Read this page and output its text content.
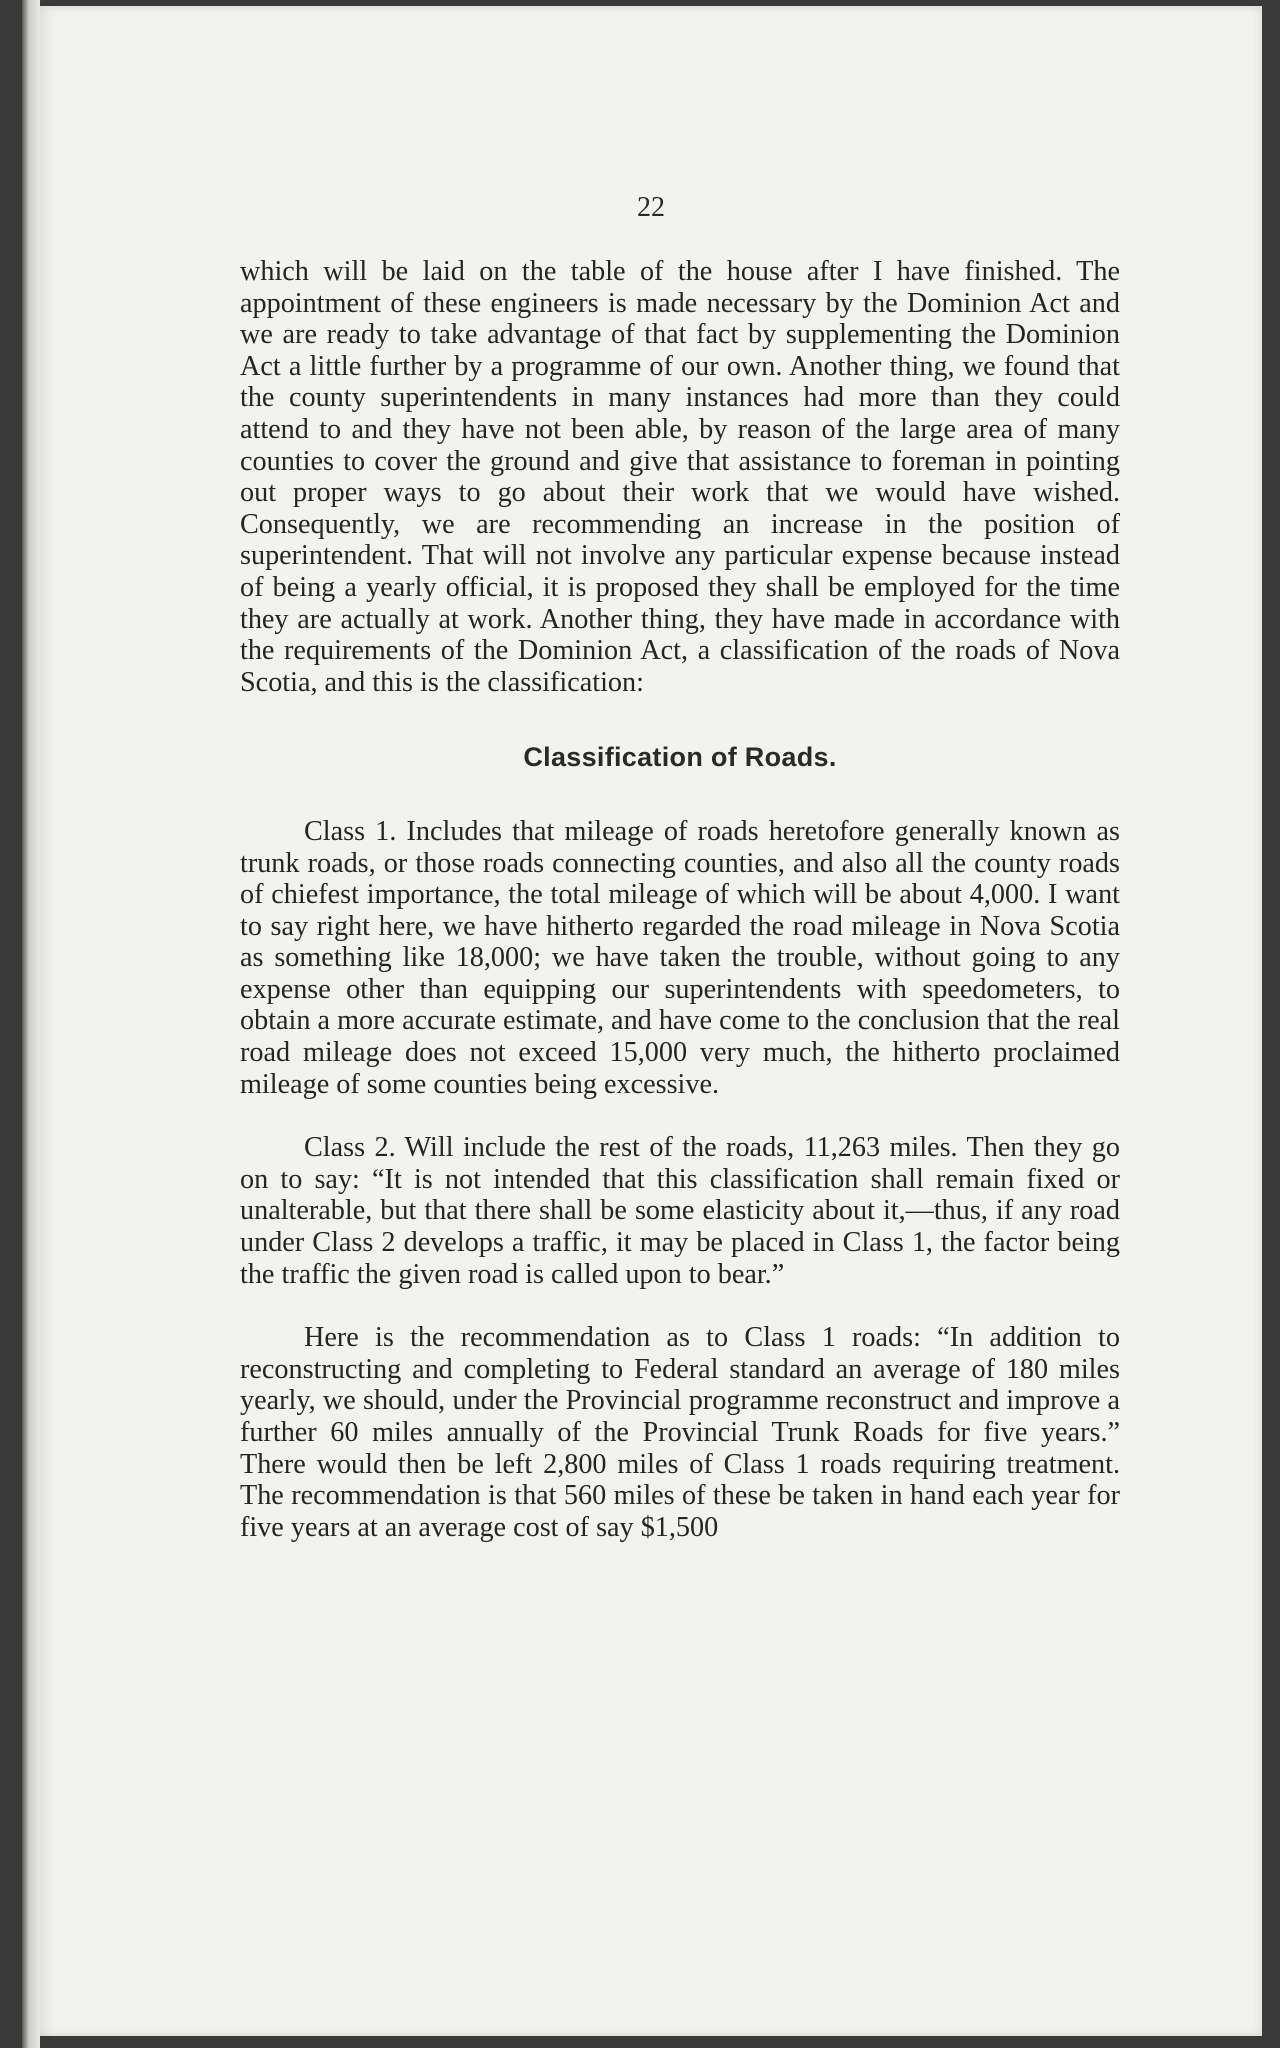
22

which will be laid on the table of the house after I have finished. The appointment of these engineers is made necessary by the Dominion Act and we are ready to take advantage of that fact by supplementing the Dominion Act a little further by a programme of our own. Another thing, we found that the county superintendents in many instances had more than they could attend to and they have not been able, by reason of the large area of many counties to cover the ground and give that assistance to foreman in pointing out proper ways to go about their work that we would have wished. Consequently, we are recommending an increase in the position of superintendent. That will not involve any particular expense because instead of being a yearly official, it is proposed they shall be employed for the time they are actually at work. Another thing, they have made in accordance with the requirements of the Dominion Act, a classification of the roads of Nova Scotia, and this is the classification:

Classification of Roads.

Class 1. Includes that mileage of roads heretofore generally known as trunk roads, or those roads connecting counties, and also all the county roads of chiefest importance, the total mileage of which will be about 4,000. I want to say right here, we have hitherto regarded the road mileage in Nova Scotia as something like 18,000; we have taken the trouble, without going to any expense other than equipping our superintendents with speedometers, to obtain a more accurate estimate, and have come to the conclusion that the real road mileage does not exceed 15,000 very much, the hitherto proclaimed mileage of some counties being excessive.

Class 2. Will include the rest of the roads, 11,263 miles. Then they go on to say: “It is not intended that this classification shall remain fixed or unalterable, but that there shall be some elasticity about it,—thus, if any road under Class 2 develops a traffic, it may be placed in Class 1, the factor being the traffic the given road is called upon to bear.”

Here is the recommendation as to Class 1 roads: “In addition to reconstructing and completing to Federal standard an average of 180 miles yearly, we should, under the Provincial programme reconstruct and improve a further 60 miles annually of the Provincial Trunk Roads for five years.” There would then be left 2,800 miles of Class 1 roads requiring treatment. The recommendation is that 560 miles of these be taken in hand each year for five years at an average cost of say $1,500
